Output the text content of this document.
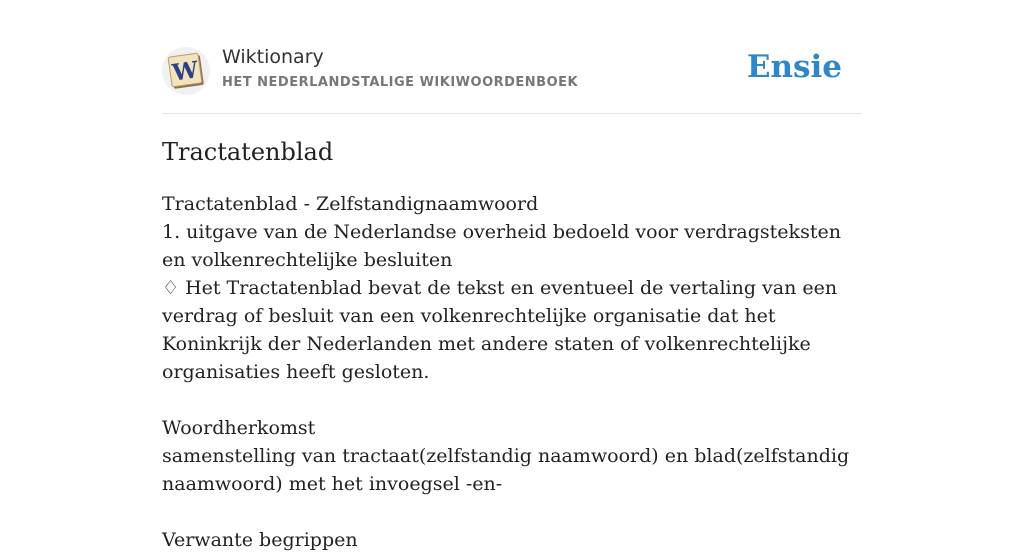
W Wiktionary
HET NEDERLANDSTALIGE WIKIWOORDENBOEK	Ensie
Tractatenblad

Tractatenblad - Zelfstandignaamwoord

1. uitgave van de Nederlandse overheid bedoeld voor verdragsteksten en volkenrechtelijke besluiten

♢ Het Tractatenblad bevat de tekst en eventueel de vertaling van een verdrag of besluit van een volkenrechtelijke organisatie dat het Koninkrijk der Nederlanden met andere staten of volkenrechtelijke organisaties heeft gesloten.

Woordherkomst

samenstelling van tractaat(zelfstandig naamwoord) en blad(zelfstandig naamwoord) met het invoegsel -en-

Verwante begrippen
